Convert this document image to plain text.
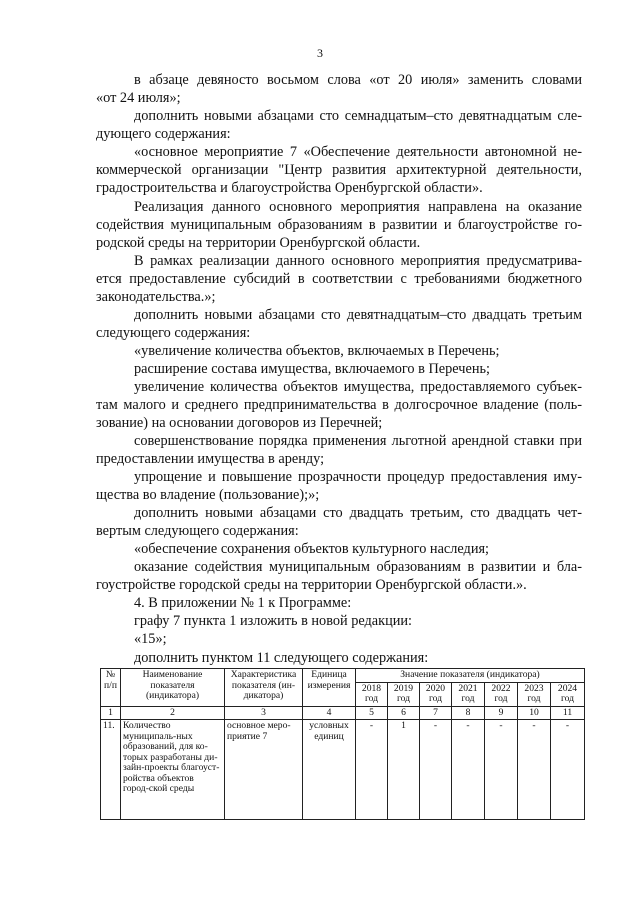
3
в абзаце девяносто восьмом слова «от 20 июля» заменить словами
«от 24 июля»;
дополнить новыми абзацами сто семнадцатым–сто девятнадцатым сле-
дующего содержания:
«основное мероприятие 7 «Обеспечение деятельности автономной не-
коммерческой организации "Центр развития архитектурной деятельности,
градостроительства и благоустройства Оренбургской области».
Реализация данного основного мероприятия направлена на оказание
содействия муниципальным образованиям в развитии и благоустройстве го-
родской среды на территории Оренбургской области.
В рамках реализации данного основного мероприятия предусматрива-
ется предоставление субсидий в соответствии с требованиями бюджетного
законодательства.»;
дополнить новыми абзацами сто девятнадцатым–сто двадцать третьим
следующего содержания:
«увеличение количества объектов, включаемых в Перечень;
расширение состава имущества, включаемого в Перечень;
увеличение количества объектов имущества, предоставляемого субъек-
там малого и среднего предпринимательства в долгосрочное владение (поль-
зование) на основании договоров из Перечней;
совершенствование порядка применения льготной арендной ставки при
предоставлении имущества в аренду;
упрощение и повышение прозрачности процедур предоставления иму-
щества во владение (пользование);»;
дополнить новыми абзацами сто двадцать третьим, сто двадцать чет-
вертым следующего содержания:
«обеспечение сохранения объектов культурного наследия;
оказание содействия муниципальным образованиям в развитии и бла-
гоустройстве городской среды на территории Оренбургской области.».
4. В приложении № 1 к Программе:
графу 7 пункта 1 изложить в новой редакции:
«15»;
дополнить пунктом 11 следующего содержания:
№ п/п	Наименование показателя (индикатора)	Характеристика показателя (ин-дикатора)	Единица измерения	Значение показателя (индикатора)						
				2018 год	2019 год	2020 год	2021 год	2022 год	2023 год	2024 год
1	2	3	4	5	6	7	8	9	10	11
11.	Количество муниципаль-ных образований, для ко-торых разработаны ди-зайн-проекты благоуст-ройства объектов город-ской среды	основное меро-приятие 7	условных единиц	-	1	-	-	-	-	-
